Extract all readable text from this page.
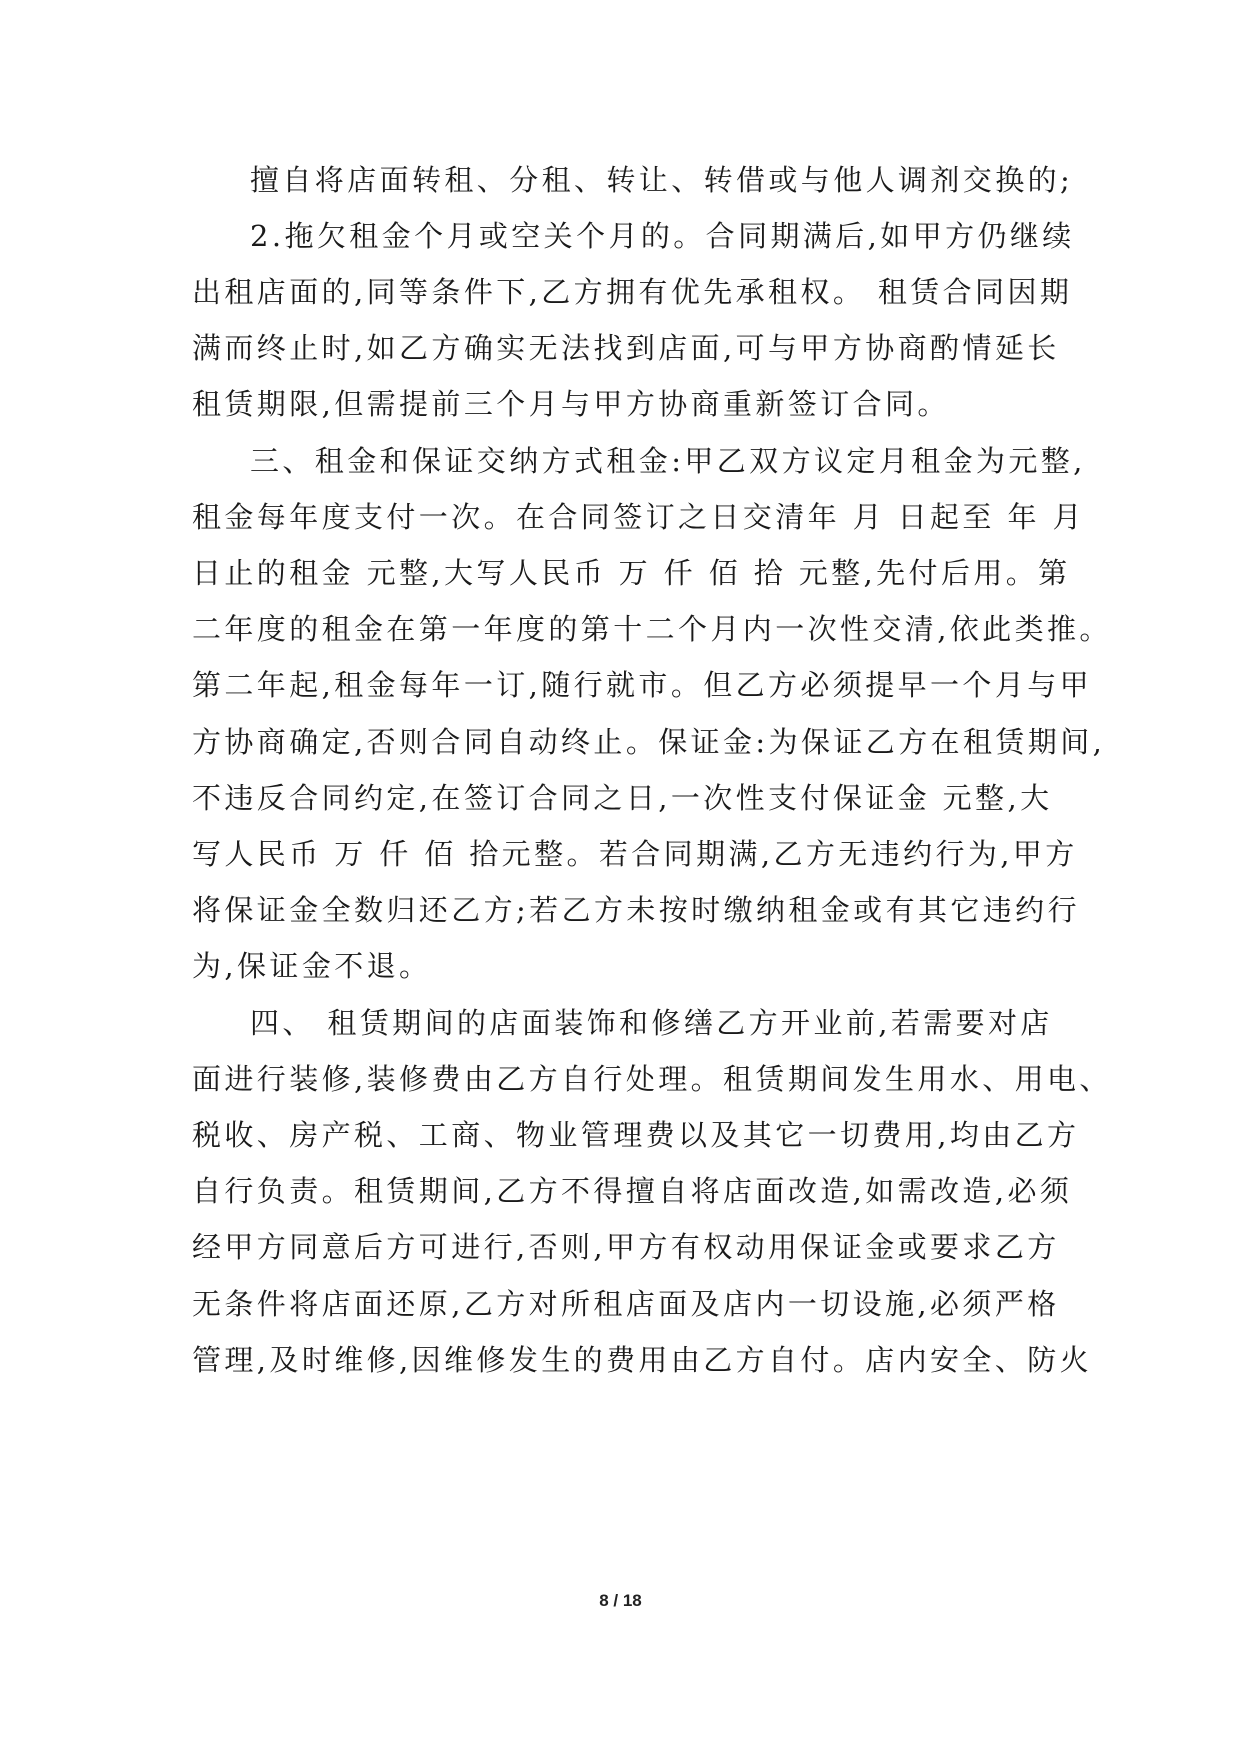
擅自将店面转租、分租、转让、转借或与他人调剂交换的;
2.拖欠租金个月或空关个月的。合同期满后,如甲方仍继续
出租店面的,同等条件下,乙方拥有优先承租权。 租赁合同因期
满而终止时,如乙方确实无法找到店面,可与甲方协商酌情延长
租赁期限,但需提前三个月与甲方协商重新签订合同。
三、租金和保证交纳方式租金:甲乙双方议定月租金为元整,
租金每年度支付一次。在合同签订之日交清年 月 日起至 年 月
日止的租金 元整,大写人民币 万 仟 佰 拾 元整,先付后用。第
二年度的租金在第一年度的第十二个月内一次性交清,依此类推。
第二年起,租金每年一订,随行就市。但乙方必须提早一个月与甲
方协商确定,否则合同自动终止。保证金:为保证乙方在租赁期间,
不违反合同约定,在签订合同之日,一次性支付保证金 元整,大
写人民币 万 仟 佰 拾元整。若合同期满,乙方无违约行为,甲方
将保证金全数归还乙方;若乙方未按时缴纳租金或有其它违约行
为,保证金不退。
四、 租赁期间的店面装饰和修缮乙方开业前,若需要对店
面进行装修,装修费由乙方自行处理。租赁期间发生用水、用电、
税收、房产税、工商、物业管理费以及其它一切费用,均由乙方
自行负责。租赁期间,乙方不得擅自将店面改造,如需改造,必须
经甲方同意后方可进行,否则,甲方有权动用保证金或要求乙方
无条件将店面还原,乙方对所租店面及店内一切设施,必须严格
管理,及时维修,因维修发生的费用由乙方自付。店内安全、防火
8 / 18
